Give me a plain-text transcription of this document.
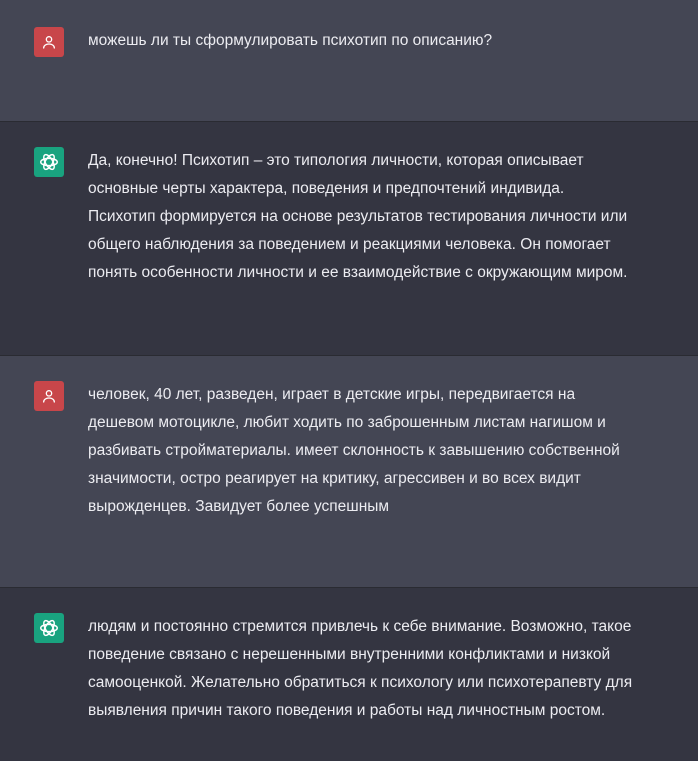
можешь ли ты сформулировать психотип по описанию?
Да, конечно! Психотип – это типология личности, которая описывает
основные черты характера, поведения и предпочтений индивида.
Психотип формируется на основе результатов тестирования личности или
общего наблюдения за поведением и реакциями человека. Он помогает
понять особенности личности и ее взаимодействие с окружающим миром.
человек, 40 лет, разведен, играет в детские игры, передвигается на
дешевом мотоцикле, любит ходить по заброшенным листам нагишом и
разбивать стройматериалы. имеет склонность к завышению собственной
значимости, остро реагирует на критику, агрессивен и во всех видит
вырожденцев. Завидует более успешным
людям и постоянно стремится привлечь к себе внимание. Возможно, такое
поведение связано с нерешенными внутренними конфликтами и низкой
самооценкой. Желательно обратиться к психологу или психотерапевту для
выявления причин такого поведения и работы над личностным ростом.
